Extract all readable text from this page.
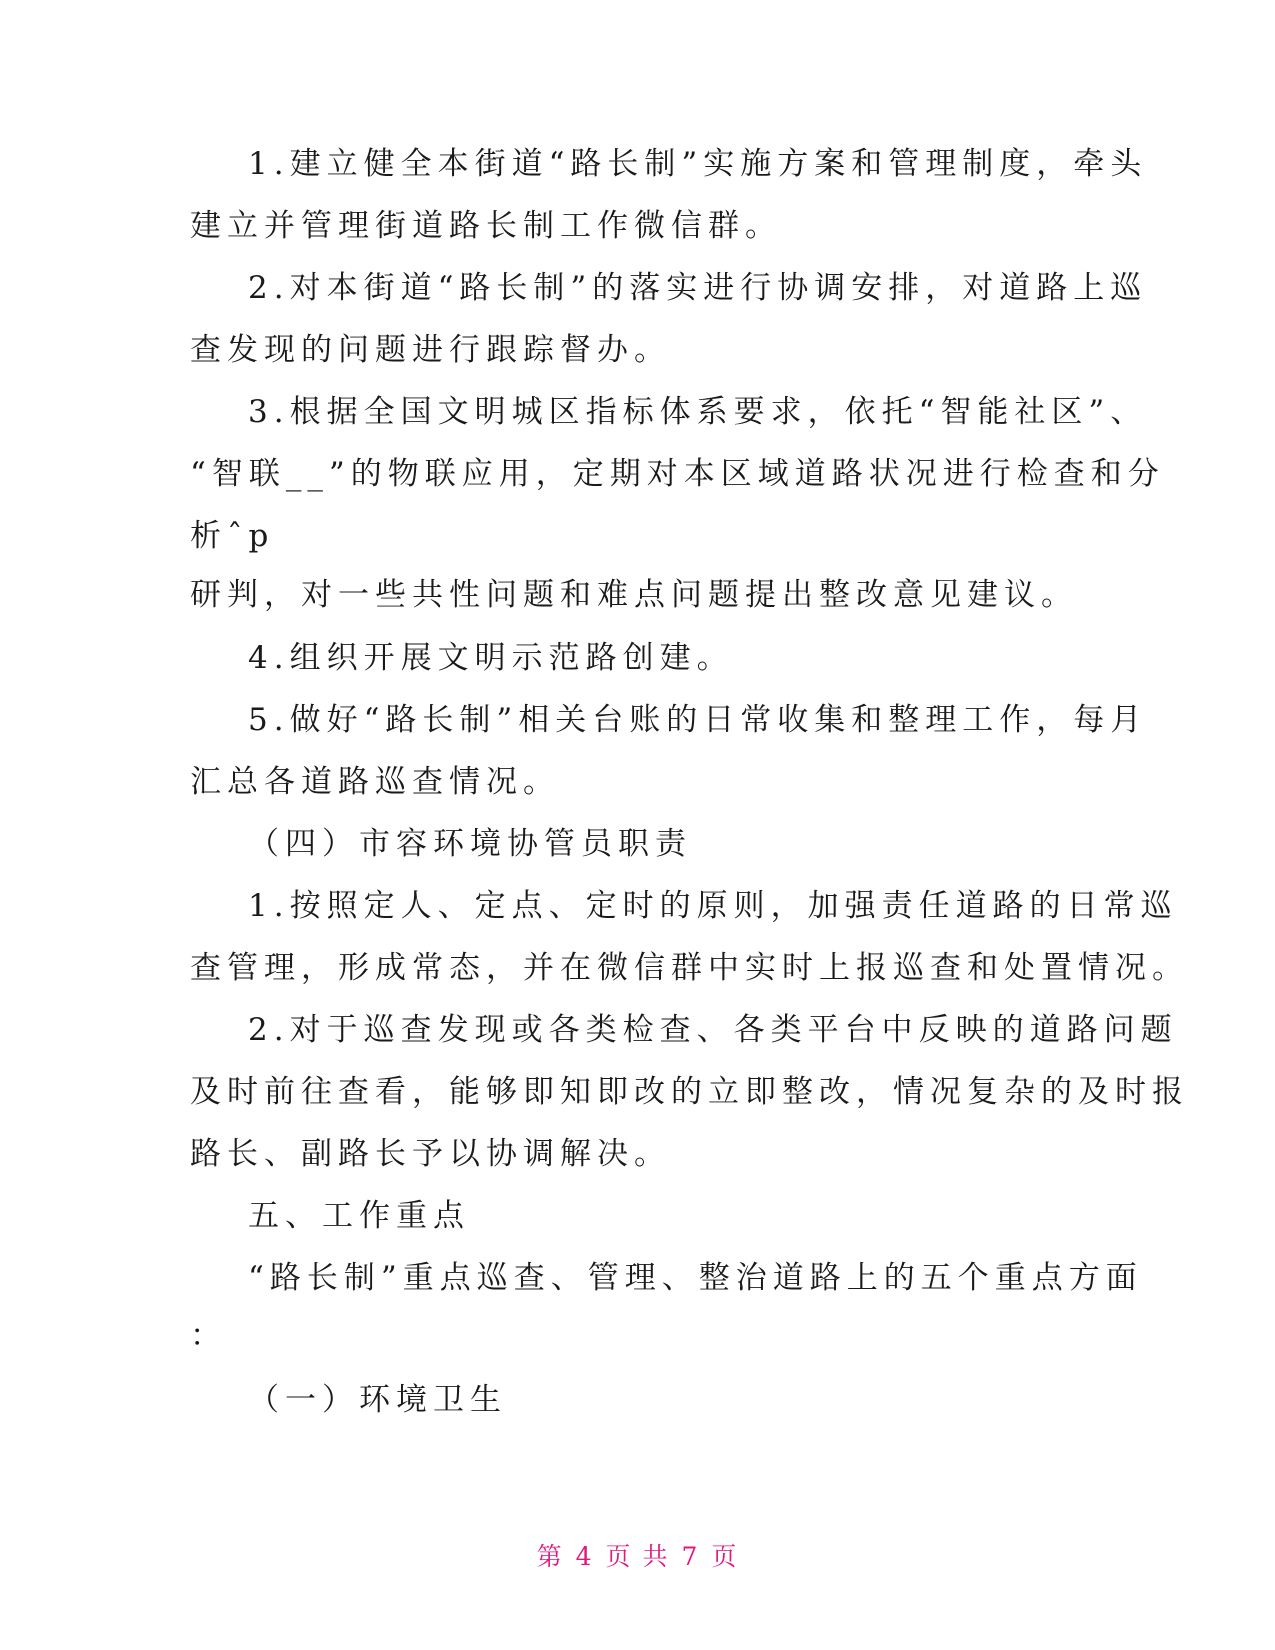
1.建立健全本街道“路长制”实施方案和管理制度，牵头
建立并管理街道路长制工作微信群。
2.对本街道“路长制”的落实进行协调安排，对道路上巡
查发现的问题进行跟踪督办。
3.根据全国文明城区指标体系要求，依托“智能社区”、
“智联__”的物联应用，定期对本区域道路状况进行检查和分
析ˆp
研判，对一些共性问题和难点问题提出整改意见建议。
4.组织开展文明示范路创建。
5.做好“路长制”相关台账的日常收集和整理工作，每月
汇总各道路巡查情况。
（四）市容环境协管员职责
1.按照定人、定点、定时的原则，加强责任道路的日常巡
查管理，形成常态，并在微信群中实时上报巡查和处置情况。
2.对于巡查发现或各类检查、各类平台中反映的道路问题
及时前往查看，能够即知即改的立即整改，情况复杂的及时报
路长、副路长予以协调解决。
五、工作重点
“路长制”重点巡查、管理、整治道路上的五个重点方面
：
（一）环境卫生
第 4 页 共 7 页
